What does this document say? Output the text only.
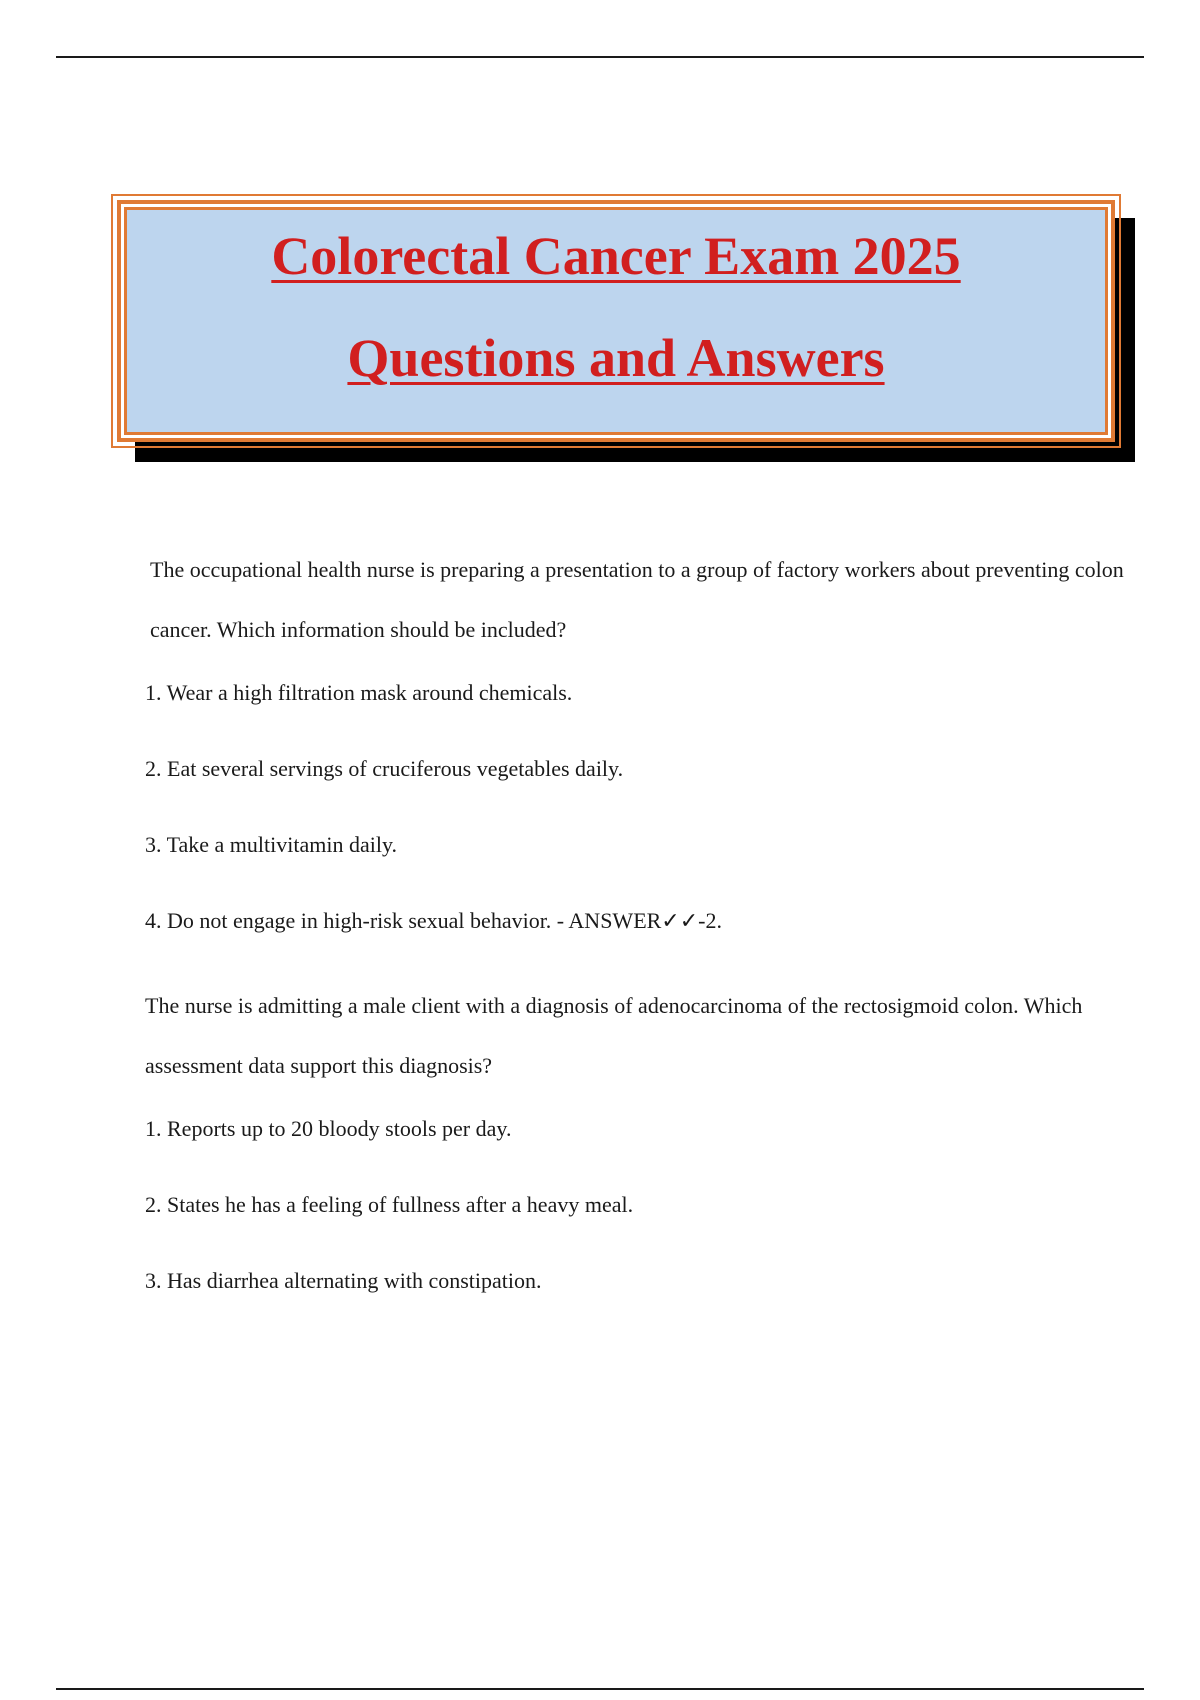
Colorectal Cancer Exam 2025
Questions and Answers

The occupational health nurse is preparing a presentation to a group of factory workers about preventing colon cancer. Which information should be included?

1. Wear a high filtration mask around chemicals.

2. Eat several servings of cruciferous vegetables daily.

3. Take a multivitamin daily.

4. Do not engage in high-risk sexual behavior. - ANSWER✓✓-2.

The nurse is admitting a male client with a diagnosis of adenocarcinoma of the rectosigmoid colon. Which assessment data support this diagnosis?

1. Reports up to 20 bloody stools per day.

2. States he has a feeling of fullness after a heavy meal.

3. Has diarrhea alternating with constipation.
